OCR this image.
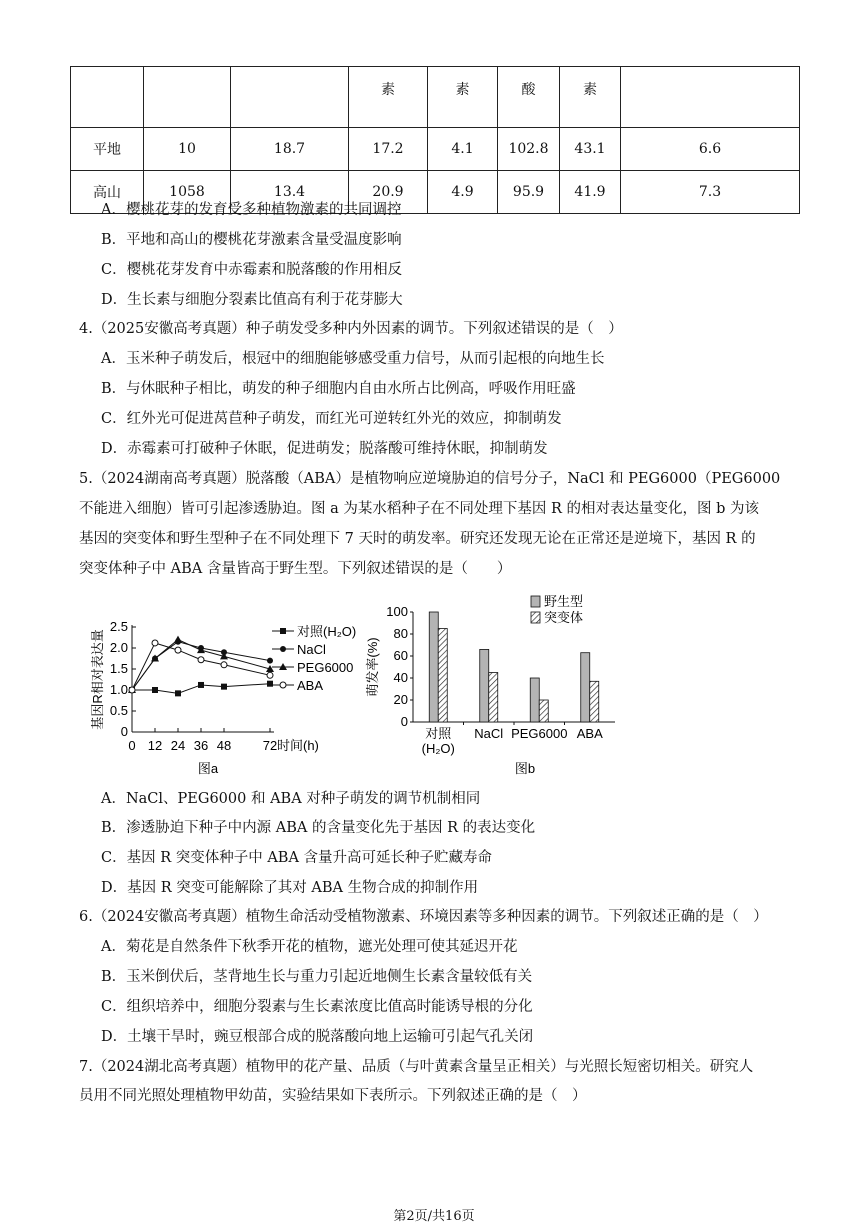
			素	素	酸	素	
平地	10	18.7	17.2	4.1	102.8	43.1	6.6
高山	1058	13.4	20.9	4.9	95.9	41.9	7.3
A．樱桃花芽的发育受多种植物激素的共同调控
B．平地和高山的樱桃花芽激素含量受温度影响
C．樱桃花芽发育中赤霉素和脱落酸的作用相反
D．生长素与细胞分裂素比值高有利于花芽膨大
4.（2025安徽高考真题）种子萌发受多种内外因素的调节。下列叙述错误的是（　）
A．玉米种子萌发后，根冠中的细胞能够感受重力信号，从而引起根的向地生长
B．与休眠种子相比，萌发的种子细胞内自由水所占比例高，呼吸作用旺盛
C．红外光可促进莴苣种子萌发，而红光可逆转红外光的效应，抑制萌发
D．赤霉素可打破种子休眠，促进萌发；脱落酸可维持休眠，抑制萌发
5.（2024湖南高考真题）脱落酸（ABA）是植物响应逆境胁迫的信号分子，NaCl 和 PEG6000（PEG6000
不能进入细胞）皆可引起渗透胁迫。图 a 为某水稻种子在不同处理下基因 R 的相对表达量变化，图 b 为该
基因的突变体和野生型种子在不同处理下 7 天时的萌发率。研究还发现无论在正常还是逆境下，基因 R 的
突变体种子中 ABA 含量皆高于野生型。下列叙述错误的是（　　）
0
0.5
1.0
1.5
2.0
2.5
0 12 24 36 48 72 时间(h)
基因R相对表达量	对照(H₂O)
NaCl
PEG6000
ABA
图a
0
20
40
60
80
100
萌发率(%)
对照
(H₂O)
NaCl PEG6000 ABA
野生型
突变体
图b
A．NaCl、PEG6000 和 ABA 对种子萌发的调节机制相同
B．渗透胁迫下种子中内源 ABA 的含量变化先于基因 R 的表达变化
C．基因 R 突变体种子中 ABA 含量升高可延长种子贮藏寿命
D．基因 R 突变可能解除了其对 ABA 生物合成的抑制作用
6.（2024安徽高考真题）植物生命活动受植物激素、环境因素等多种因素的调节。下列叙述正确的是（　）
A．菊花是自然条件下秋季开花的植物，遮光处理可使其延迟开花
B．玉米倒伏后，茎背地生长与重力引起近地侧生长素含量较低有关
C．组织培养中，细胞分裂素与生长素浓度比值高时能诱导根的分化
D．土壤干旱时，豌豆根部合成的脱落酸向地上运输可引起气孔关闭
7.（2024湖北高考真题）植物甲的花产量、品质（与叶黄素含量呈正相关）与光照长短密切相关。研究人
员用不同光照处理植物甲幼苗，实验结果如下表所示。下列叙述正确的是（　）
第2页/共16页
